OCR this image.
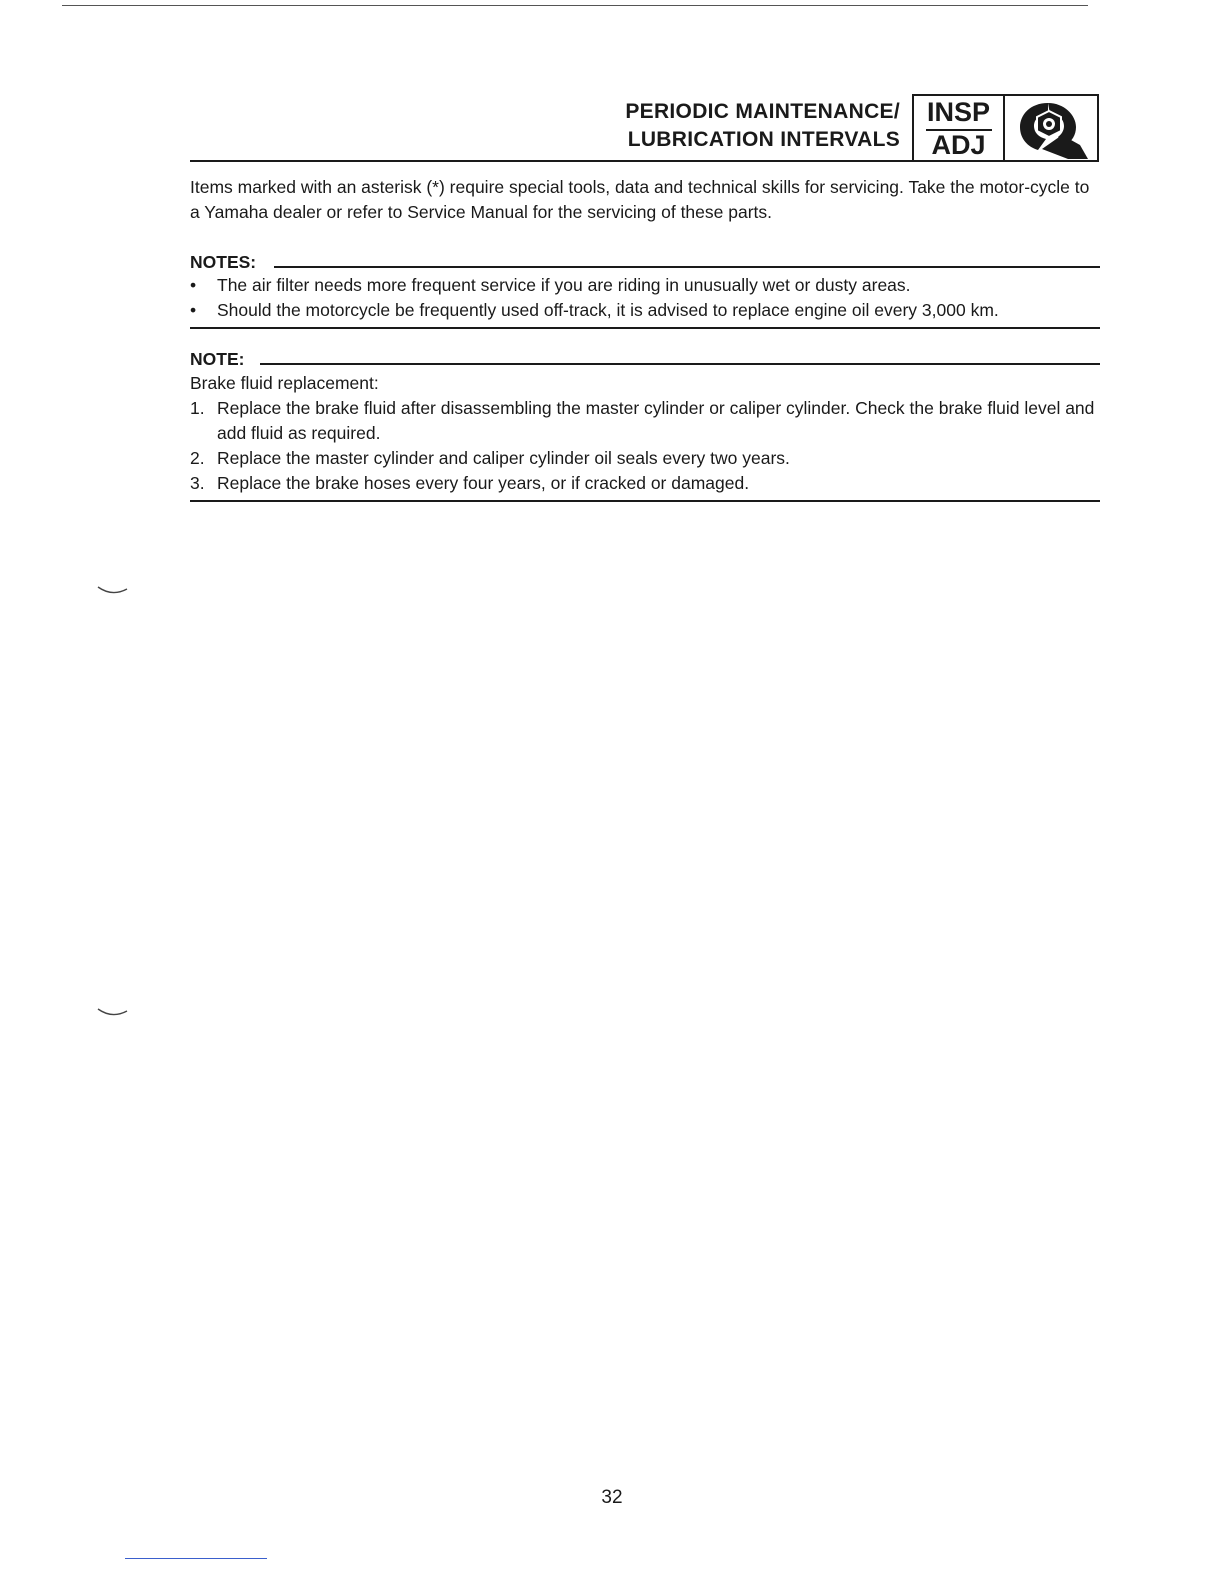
PERIODIC MAINTENANCE/
LUBRICATION INTERVALS
INSP
ADJ
Items marked with an asterisk (*) require special tools, data and technical skills for servicing. Take the motor-cycle to a Yamaha dealer or refer to Service Manual for the servicing of these parts.
NOTES:
• The air filter needs more frequent service if you are riding in unusually wet or dusty areas.
• Should the motorcycle be frequently used off-track, it is advised to replace engine oil every 3,000 km.
NOTE:
Brake fluid replacement:
1. Replace the brake fluid after disassembling the master cylinder or caliper cylinder. Check the brake fluid level and add fluid as required.
2. Replace the master cylinder and caliper cylinder oil seals every two years.
3. Replace the brake hoses every four years, or if cracked or damaged.
32
